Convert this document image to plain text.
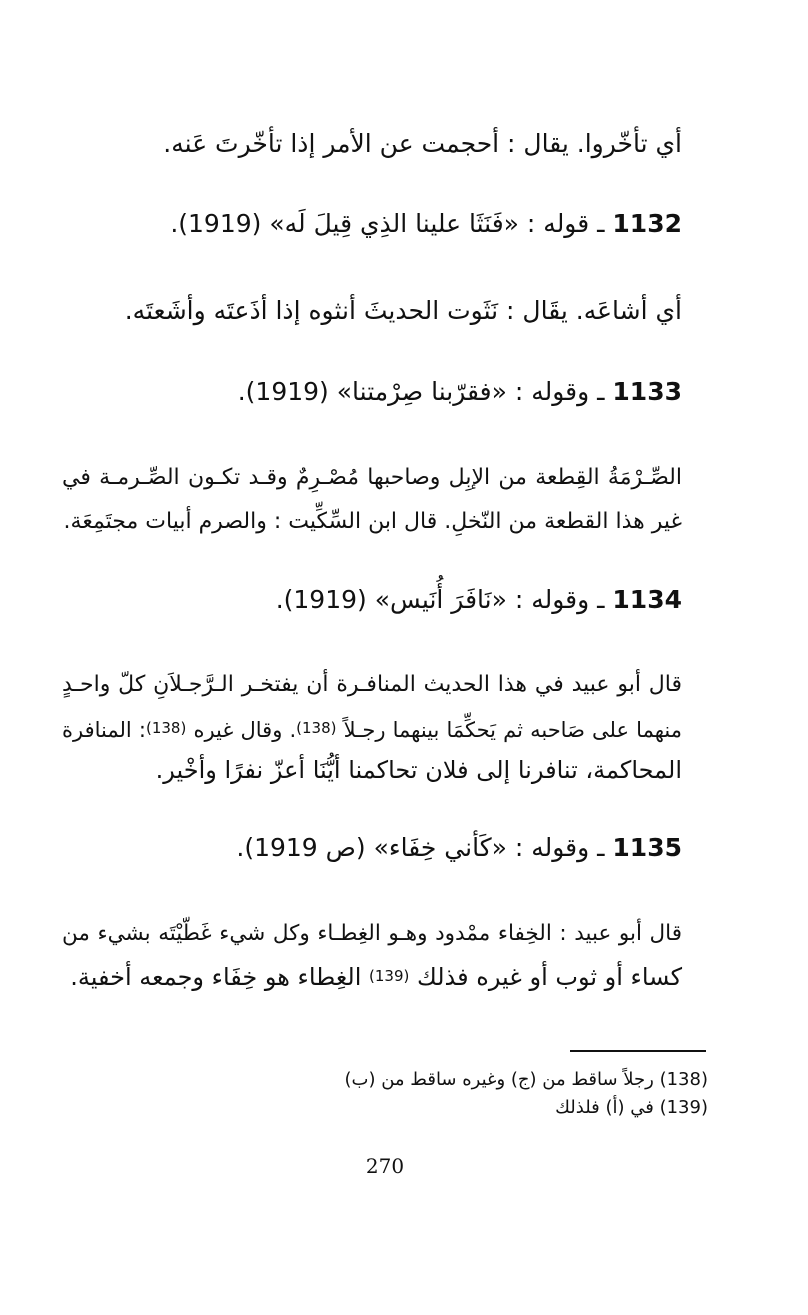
أي تأخّروا. يقال : أحجمت عن الأمر إذا تأخّرتَ عَنه.
1132 ـ قوله : «فَنَثَا علينا الذِي قِيلَ لَه» (1919).
أي أشاعَه. يقَال : نَثَوت الحديثَ أنثوه إذا أذَعتَه وأشَعتَه.
1133 ـ وقوله : «فقرّبنا صِرْمتنا» (1919).
الصِّـرْمَةُ القِطعة من الإبِل وصاحبها مُصْـرِمٌ وقـد تكـون الصِّـرمـة في
غير هذا القطعة من النّخلِ. قال ابن السِّكِّيت : والصرم أبيات مجتَمِعَة.
1134 ـ وقوله : «نَافَرَ أُنَيس» (1919).
قال أبو عبيد في هذا الحديث المنافـرة أن يفتخـر الـرَّجـلاَنِ كلّ واحـدٍ
منهما على صَاحبه ثم يَحكِّمَا بينهما رجـلاً (138). وقال غيره (138): المنافرة
المحاكمة، تنافرنا إلى فلان تحاكمنا أيُّنَا أعزّ نفرًا وأخْير.
1135 ـ وقوله : «كَأني خِفَاء» (ص 1919).
قال أبو عبيد : الخِفاء ممْدود وهـو الغِطـاء وكل شيء غَطّيْتَه بشيء من
كساء أو ثوب أو غيره فذلك (139) الغِطاء هو خِفَاء وجمعه أخفية.
(138) رجلاً ساقط من (ج) وغيره ساقط من (ب)
(139) في (أ) فلذلك
270
